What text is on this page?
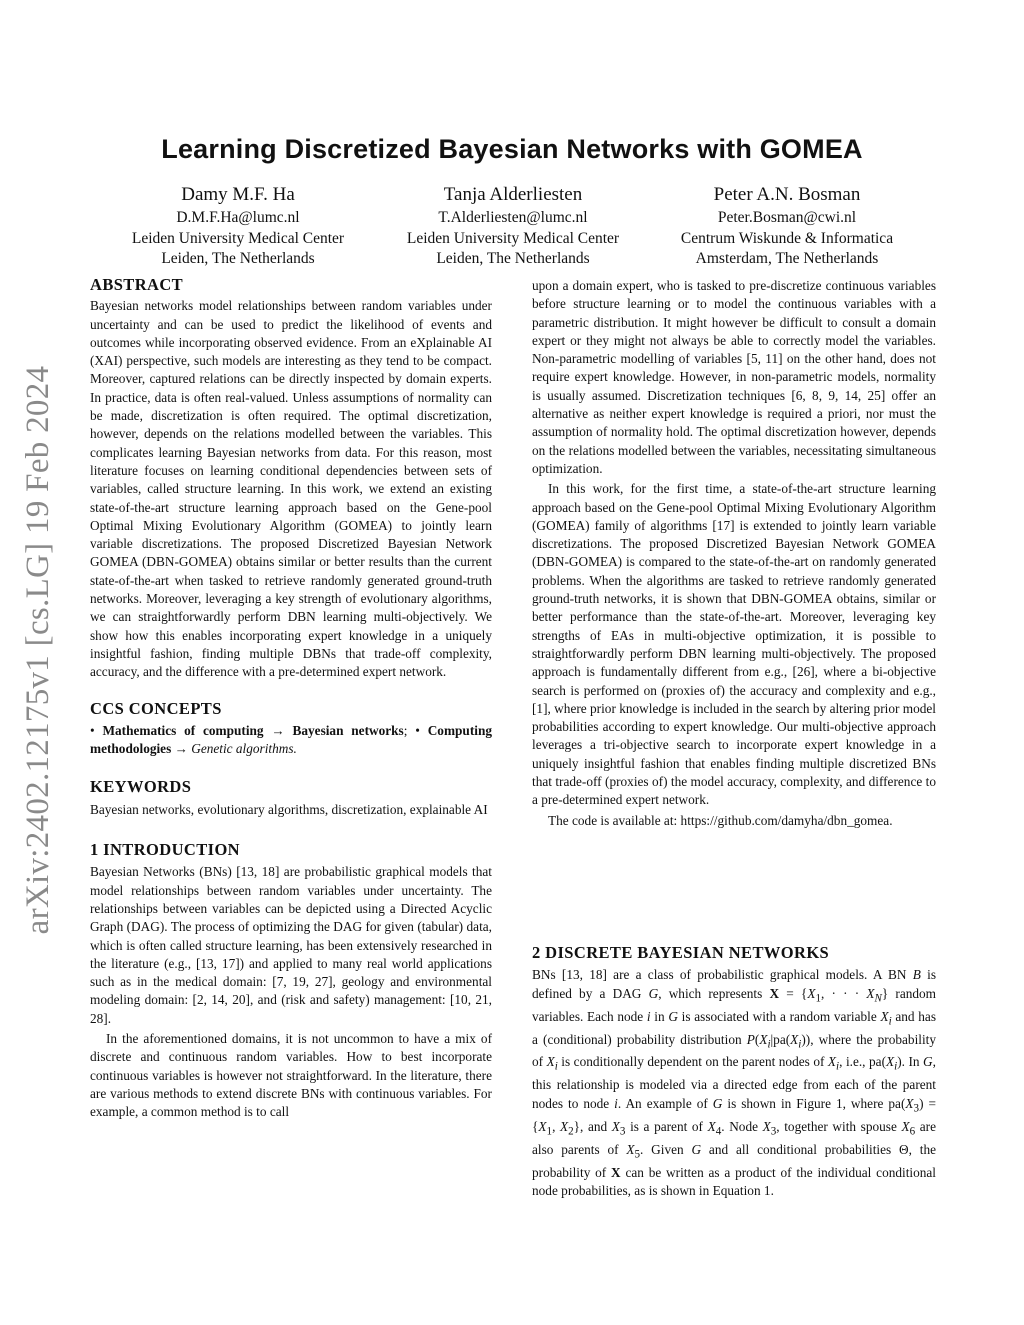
arXiv:2402.12175v1 [cs.LG] 19 Feb 2024
Learning Discretized Bayesian Networks with GOMEA
Damy M.F. Ha
D.M.F.Ha@lumc.nl
Leiden University Medical Center
Leiden, The Netherlands
Tanja Alderliesten
T.Alderliesten@lumc.nl
Leiden University Medical Center
Leiden, The Netherlands
Peter A.N. Bosman
Peter.Bosman@cwi.nl
Centrum Wiskunde & Informatica
Amsterdam, The Netherlands
ABSTRACT

Bayesian networks model relationships between random variables under uncertainty and can be used to predict the likelihood of events and outcomes while incorporating observed evidence. From an eXplainable AI (XAI) perspective, such models are interesting as they tend to be compact. Moreover, captured relations can be directly inspected by domain experts. In practice, data is often real-valued. Unless assumptions of normality can be made, discretization is often required. The optimal discretization, however, depends on the relations modelled between the variables. This complicates learning Bayesian networks from data. For this reason, most literature focuses on learning conditional dependencies between sets of variables, called structure learning. In this work, we extend an existing state-of-the-art structure learning approach based on the Gene-pool Optimal Mixing Evolutionary Algorithm (GOMEA) to jointly learn variable discretizations. The proposed Discretized Bayesian Network GOMEA (DBN-GOMEA) obtains similar or better results than the current state-of-the-art when tasked to retrieve randomly generated ground-truth networks. Moreover, leveraging a key strength of evolutionary algorithms, we can straightforwardly perform DBN learning multi-objectively. We show how this enables incorporating expert knowledge in a uniquely insightful fashion, finding multiple DBNs that trade-off complexity, accuracy, and the difference with a pre-determined expert network.

CCS CONCEPTS

• Mathematics of computing → Bayesian networks; • Computing methodologies → Genetic algorithms.

KEYWORDS

Bayesian networks, evolutionary algorithms, discretization, explainable AI

1 INTRODUCTION

Bayesian Networks (BNs) [13, 18] are probabilistic graphical models that model relationships between random variables under uncertainty. The relationships between variables can be depicted using a Directed Acyclic Graph (DAG). The process of optimizing the DAG for given (tabular) data, which is often called structure learning, has been extensively researched in the literature (e.g., [13, 17]) and applied to many real world applications such as in the medical domain: [7, 19, 27], geology and environmental modeling domain: [2, 14, 20], and (risk and safety) management: [10, 21, 28].

In the aforementioned domains, it is not uncommon to have a mix of discrete and continuous random variables. How to best incorporate continuous variables is however not straightforward. In the literature, there are various methods to extend discrete BNs with continuous variables. For example, a common method is to call

upon a domain expert, who is tasked to pre-discretize continuous variables before structure learning or to model the continuous variables with a parametric distribution. It might however be difficult to consult a domain expert or they might not always be able to correctly model the variables. Non-parametric modelling of variables [5, 11] on the other hand, does not require expert knowledge. However, in non-parametric models, normality is usually assumed. Discretization techniques [6, 8, 9, 14, 25] offer an alternative as neither expert knowledge is required a priori, nor must the assumption of normality hold. The optimal discretization however, depends on the relations modelled between the variables, necessitating simultaneous optimization.

In this work, for the first time, a state-of-the-art structure learning approach based on the Gene-pool Optimal Mixing Evolutionary Algorithm (GOMEA) family of algorithms [17] is extended to jointly learn variable discretizations. The proposed Discretized Bayesian Network GOMEA (DBN-GOMEA) is compared to the state-of-the-art on randomly generated problems. When the algorithms are tasked to retrieve randomly generated ground-truth networks, it is shown that DBN-GOMEA obtains, similar or better performance than the state-of-the-art. Moreover, leveraging key strengths of EAs in multi-objective optimization, it is possible to straightforwardly perform DBN learning multi-objectively. The proposed approach is fundamentally different from e.g., [26], where a bi-objective search is performed on (proxies of) the accuracy and complexity and e.g., [1], where prior knowledge is included in the search by altering prior model probabilities according to expert knowledge. Our multi-objective approach leverages a tri-objective search to incorporate expert knowledge in a uniquely insightful fashion that enables finding multiple discretized BNs that trade-off (proxies of) the model accuracy, complexity, and difference to a pre-determined expert network.

The code is available at: https://github.com/damyha/dbn_gomea.

2 DISCRETE BAYESIAN NETWORKS

BNs [13, 18] are a class of probabilistic graphical models. A BN B is defined by a DAG G, which represents $X = \{X_1$, · · · $X_N$} random variables. Each node i in G is associated with a random variable $X_i$ and has a (conditional) probability distribution $P(X_i|pa(X_i))$, where the probability of $X_i$ is conditionally dependent on the parent nodes of $X_i$, i.e., $pa(X_i)$. In G, this relationship is modeled via a directed edge from each of the parent nodes to node i. An example of G is shown in Figure 1, where $pa(X_3) = \{X_1$, $X_2$}, and $X_3$ is a parent of $X_4$. Node $X_3$, together with spouse $X_6$ are also parents of $X_5$. Given G and all conditional probabilities Θ, the probability of X can be written as a product of the individual conditional node probabilities, as is shown in Equation 1.
